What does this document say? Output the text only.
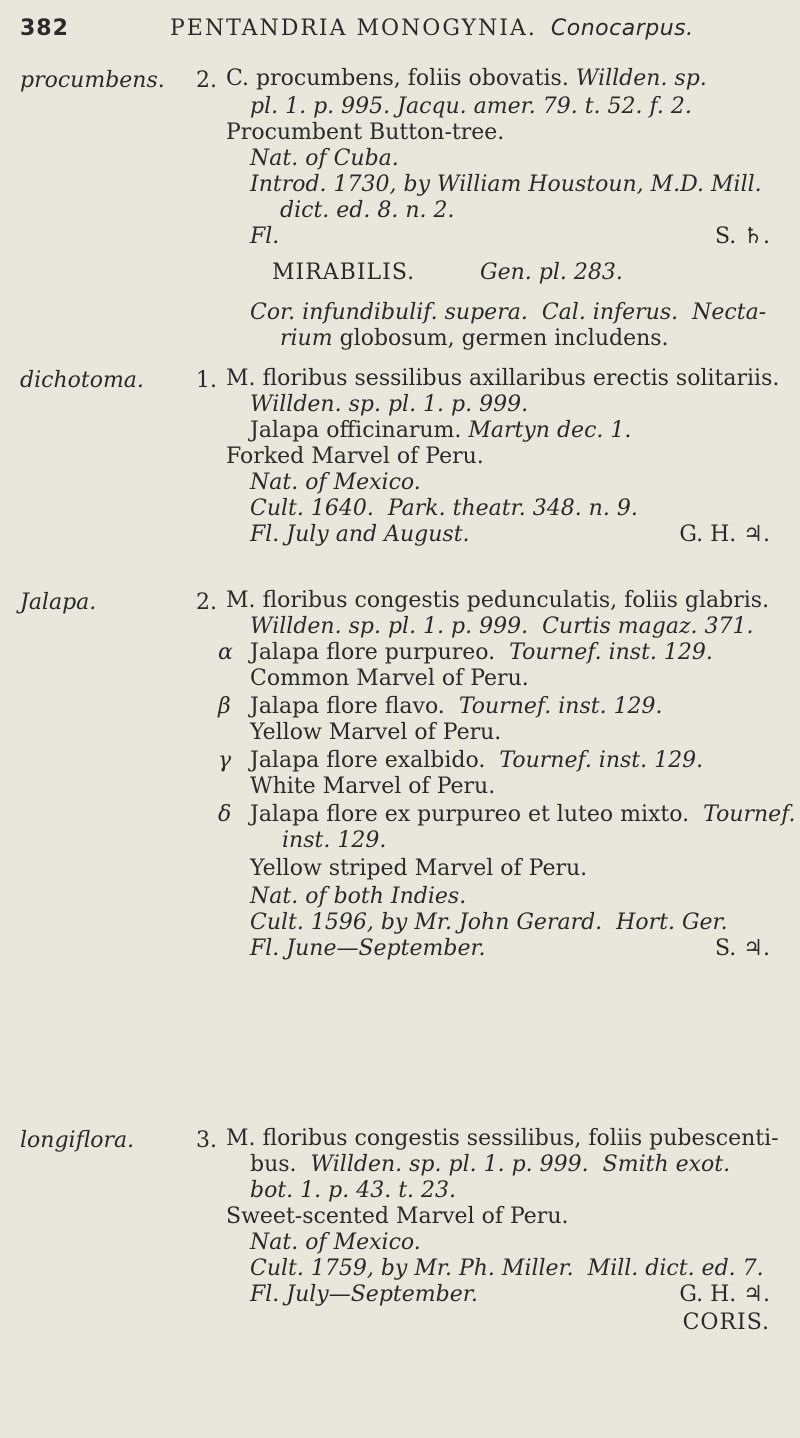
382	PENTANDRIA MONOGYNIA. Conocarpus.
procumbens.
dichotoma.
Jalapa.
longiflora.
2. C. procumbens, foliis obovatis. Willden. sp.
pl. 1. p. 995. Jacqu. amer. 79. t. 52. f. 2.
Procumbent Button-tree.
Nat. of Cuba.
Introd. 1730, by William Houstoun, M.D. Mill.
dict. ed. 8. n. 2.
Fl.	S. ♄.
MIRABILIS.	Gen. pl. 283.
Cor. infundibulif. supera. Cal. inferus. Necta-
rium globosum, germen includens.
1. M. floribus sessilibus axillaribus erectis solitariis.
Willden. sp. pl. 1. p. 999.
Jalapa officinarum. Martyn dec. 1.
Forked Marvel of Peru.
Nat. of Mexico.
Cult. 1640. Park. theatr. 348. n. 9.
Fl. July and August.	G. H. ♃.
2. M. floribus congestis pedunculatis, foliis glabris.
Willden. sp. pl. 1. p. 999. Curtis magaz. 371.
α Jalapa flore purpureo. Tournef. inst. 129.
Common Marvel of Peru.
β Jalapa flore flavo. Tournef. inst. 129.
Yellow Marvel of Peru.
γ Jalapa flore exalbido. Tournef. inst. 129.
White Marvel of Peru.
δ Jalapa flore ex purpureo et luteo mixto. Tournef.
inst. 129.
Yellow striped Marvel of Peru.
Nat. of both Indies.
Cult. 1596, by Mr. John Gerard. Hort. Ger.
Fl. June—September.	S. ♃.
3. M. floribus congestis sessilibus, foliis pubescenti-
bus. Willden. sp. pl. 1. p. 999. Smith exot.
bot. 1. p. 43. t. 23.
Sweet-scented Marvel of Peru.
Nat. of Mexico.
Cult. 1759, by Mr. Ph. Miller. Mill. dict. ed. 7.
Fl. July—September.	G. H. ♃.
CORIS.
